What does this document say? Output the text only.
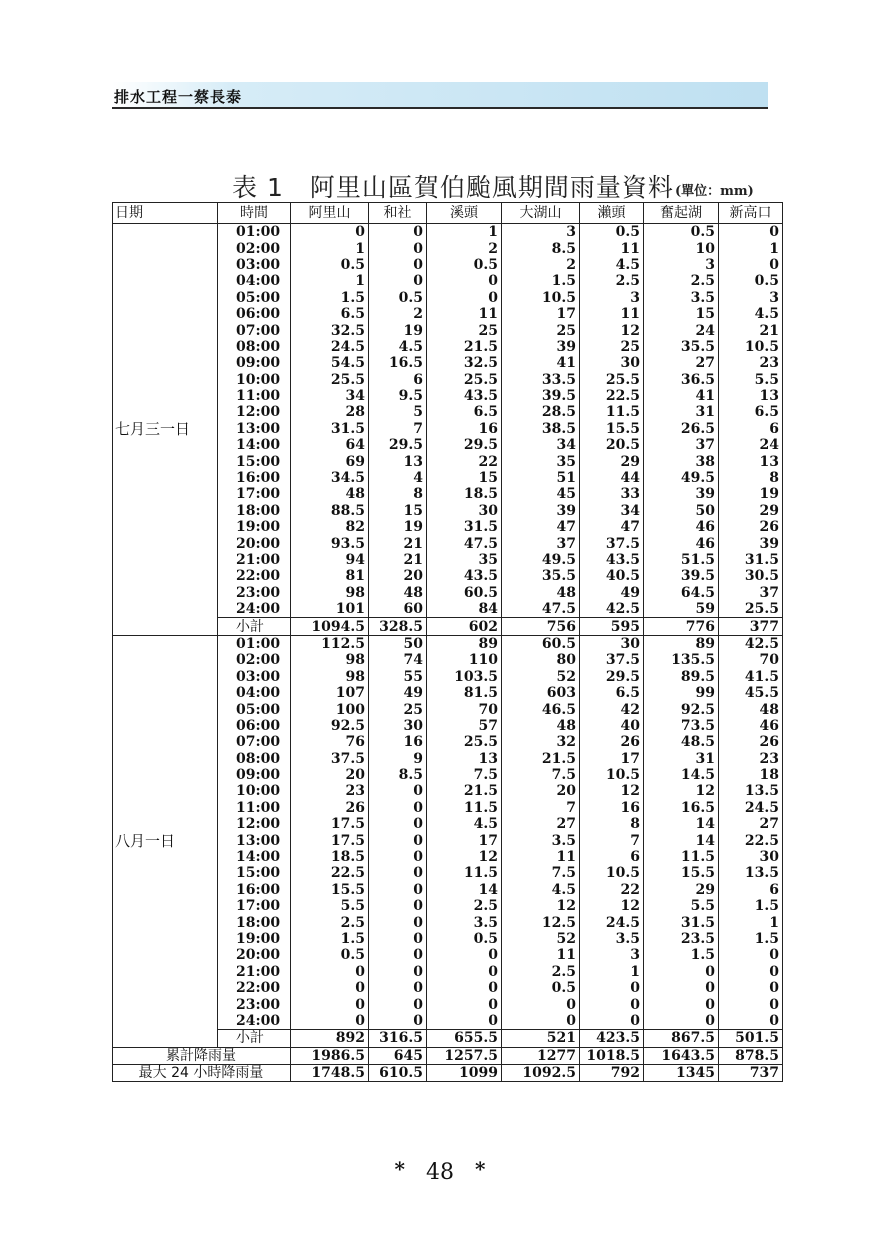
排水工程一蔡長泰
表 1　阿里山區賀伯颱風期間雨量資料 (單位：mm)
日期	時間	阿里山	和社	溪頭	大湖山	瀨頭	奮起湖	新高口
七月三一日	01:00	0	0	1	3	0.5	0.5	0
	02:00	1	0	2	8.5	11	10	1
	03:00	0.5	0	0.5	2	4.5	3	0
	04:00	1	0	0	1.5	2.5	2.5	0.5
	05:00	1.5	0.5	0	10.5	3	3.5	3
	06:00	6.5	2	11	17	11	15	4.5
	07:00	32.5	19	25	25	12	24	21
	08:00	24.5	4.5	21.5	39	25	35.5	10.5
	09:00	54.5	16.5	32.5	41	30	27	23
	10:00	25.5	6	25.5	33.5	25.5	36.5	5.5
	11:00	34	9.5	43.5	39.5	22.5	41	13
	12:00	28	5	6.5	28.5	11.5	31	6.5
	13:00	31.5	7	16	38.5	15.5	26.5	6
	14:00	64	29.5	29.5	34	20.5	37	24
	15:00	69	13	22	35	29	38	13
	16:00	34.5	4	15	51	44	49.5	8
	17:00	48	8	18.5	45	33	39	19
	18:00	88.5	15	30	39	34	50	29
	19:00	82	19	31.5	47	47	46	26
	20:00	93.5	21	47.5	37	37.5	46	39
	21:00	94	21	35	49.5	43.5	51.5	31.5
	22:00	81	20	43.5	35.5	40.5	39.5	30.5
	23:00	98	48	60.5	48	49	64.5	37
	24:00	101	60	84	47.5	42.5	59	25.5
	小計	1094.5	328.5	602	756	595	776	377
八月一日	01:00	112.5	50	89	60.5	30	89	42.5
	02:00	98	74	110	80	37.5	135.5	70
	03:00	98	55	103.5	52	29.5	89.5	41.5
	04:00	107	49	81.5	603	6.5	99	45.5
	05:00	100	25	70	46.5	42	92.5	48
	06:00	92.5	30	57	48	40	73.5	46
	07:00	76	16	25.5	32	26	48.5	26
	08:00	37.5	9	13	21.5	17	31	23
	09:00	20	8.5	7.5	7.5	10.5	14.5	18
	10:00	23	0	21.5	20	12	12	13.5
	11:00	26	0	11.5	7	16	16.5	24.5
	12:00	17.5	0	4.5	27	8	14	27
	13:00	17.5	0	17	3.5	7	14	22.5
	14:00	18.5	0	12	11	6	11.5	30
	15:00	22.5	0	11.5	7.5	10.5	15.5	13.5
	16:00	15.5	0	14	4.5	22	29	6
	17:00	5.5	0	2.5	12	12	5.5	1.5
	18:00	2.5	0	3.5	12.5	24.5	31.5	1
	19:00	1.5	0	0.5	52	3.5	23.5	1.5
	20:00	0.5	0	0	11	3	1.5	0
	21:00	0	0	0	2.5	1	0	0
	22:00	0	0	0	0.5	0	0	0
	23:00	0	0	0	0	0	0	0
	24:00	0	0	0	0	0	0	0
	小計	892	316.5	655.5	521	423.5	867.5	501.5
累計降雨量		1986.5	645	1257.5	1277	1018.5	1643.5	878.5
最大 24 小時降雨量		1748.5	610.5	1099	1092.5	792	1345	737
* 48 *
